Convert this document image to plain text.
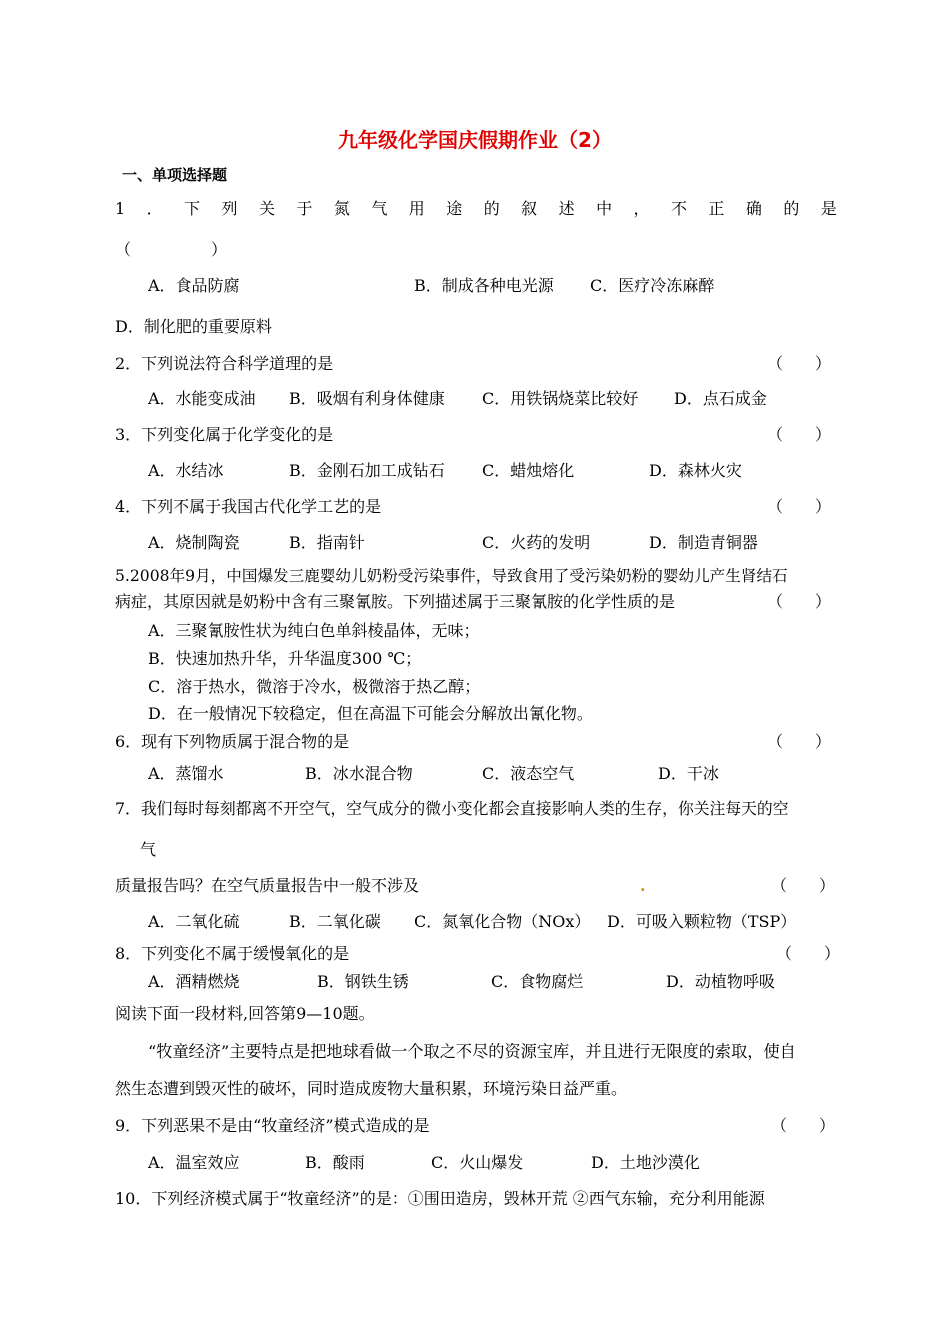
九年级化学国庆假期作业（2）
一、单项选择题
1 ． 下 列 关 于 氮 气 用 途 的 叙 述 中 ， 不 正 确 的 是
（　　　　　）
A．食品防腐	B．制成各种电光源 C．医疗冷冻麻醉
D．制化肥的重要原料
2．下列说法符合科学道理的是	（　　）
A．水能变成油 B．吸烟有利身体健康 C．用铁锅烧菜比较好 D．点石成金
3．下列变化属于化学变化的是	（　　）
A．水结冰	B．金刚石加工成钻石 C．蜡烛熔化	D．森林火灾
4．下列不属于我国古代化学工艺的是	（　　）
A．烧制陶瓷	B．指南针	C．火药的发明	D．制造青铜器
5.2008年9月，中国爆发三鹿婴幼儿奶粉受污染事件，导致食用了受污染奶粉的婴幼儿产生肾结石
病症，其原因就是奶粉中含有三聚氰胺。下列描述属于三聚氰胺的化学性质的是	（　　）
A．三聚氰胺性状为纯白色单斜棱晶体，无味；
B．快速加热升华，升华温度300 ℃；
C．溶于热水，微溶于冷水，极微溶于热乙醇；
D．在一般情况下较稳定，但在高温下可能会分解放出氰化物。
6．现有下列物质属于混合物的是	（　　）
A．蒸馏水	B．冰水混合物	C．液态空气	D．干冰
7．我们每时每刻都离不开空气，空气成分的微小变化都会直接影响人类的生存，你关注每天的空
气
质量报告吗？在空气质量报告中一般不涉及	.	（　　）
A．二氧化硫	B．二氧化碳 C．氮氧化合物（NOx） D．可吸入颗粒物（TSP）
8．下列变化不属于缓慢氧化的是	（　　）
A．酒精燃烧	B．钢铁生锈	C．食物腐烂	D．动植物呼吸
阅读下面一段材料,回答第9—10题。
“牧童经济”主要特点是把地球看做一个取之不尽的资源宝库，并且进行无限度的索取，使自
然生态遭到毁灭性的破坏，同时造成废物大量积累，环境污染日益严重。
9．下列恶果不是由“牧童经济”模式造成的是	（　　）
A．温室效应	B．酸雨	C．火山爆发	D．土地沙漠化
10．下列经济模式属于“牧童经济”的是：①围田造房，毁林开荒 ②西气东输，充分利用能源
